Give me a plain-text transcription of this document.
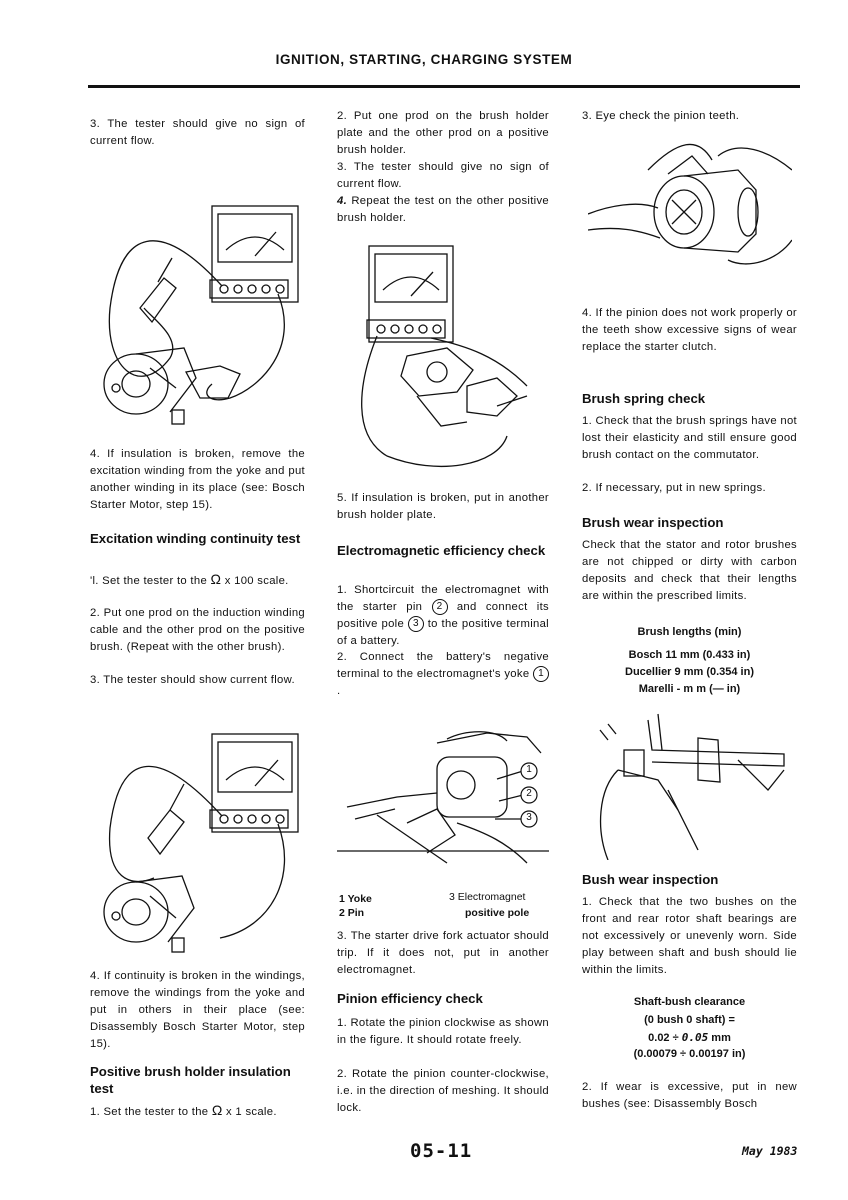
IGNITION, STARTING, CHARGING SYSTEM

3. The tester should give no sign of current flow.

4. If insulation is broken, remove the excitation winding from the yoke and put another winding in its place (see: Bosch Starter Motor, step 15).

Excitation winding continuity test

'l. Set the tester to the Ω x 100 scale.

2. Put one prod on the induction winding cable and the other prod on the positive brush. (Repeat with the other brush).

3. The tester should show current flow.

4. If continuity is broken in the windings, remove the windings from the yoke and put in others in their place (see: Disassembly Bosch Starter Motor, step 15).

Positive brush holder insulation test

1. Set the tester to the Ω x 1 scale.

2. Put one prod on the brush holder plate and the other prod on a positive brush holder.

3. The tester should give no sign of current flow.

4. Repeat the test on the other positive brush holder.

5. If insulation is broken, put in another brush holder plate.

Electromagnetic efficiency check

1. Shortcircuit the electromagnet with the starter pin 2 and connect its positive pole 3 to the positive terminal of a battery.

2. Connect the battery's negative terminal to the electromagnet's yoke 1.

1
2
3
1 Yoke
2 Pin
3 Electromagnet
positive pole

3. The starter drive fork actuator should trip. If it does not, put in another electromagnet.

Pinion efficiency check

1. Rotate the pinion clockwise as shown in the figure. It should rotate freely.

2. Rotate the pinion counter-clockwise, i.e. in the direction of meshing. It should lock.

3. Eye check the pinion teeth.

4. If the pinion does not work properly or the teeth show excessive signs of wear replace the starter clutch.

Brush spring check

1. Check that the brush springs have not lost their elasticity and still ensure good brush contact on the commutator.

2. If necessary, put in new springs.

Brush wear inspection

Check that the stator and rotor brushes are not chipped or dirty with carbon deposits and check that their lengths are within the prescribed limits.

Brush lengths (min)
Bosch 11 mm (0.433 in)
Ducellier 9 mm (0.354 in)
Marelli - m m (— in)
Bush wear inspection

1. Check that the two bushes on the front and rear rotor shaft bearings are not excessively or unevenly worn. Side play between shaft and bush should lie within the limits.

Shaft-bush clearance
(0 bush 0 shaft) =
0.02 ÷ 0.05 mm
(0.00079 ÷ 0.00197 in)

2. If wear is excessive, put in new bushes (see: Disassembly Bosch

05-11	May 1983
